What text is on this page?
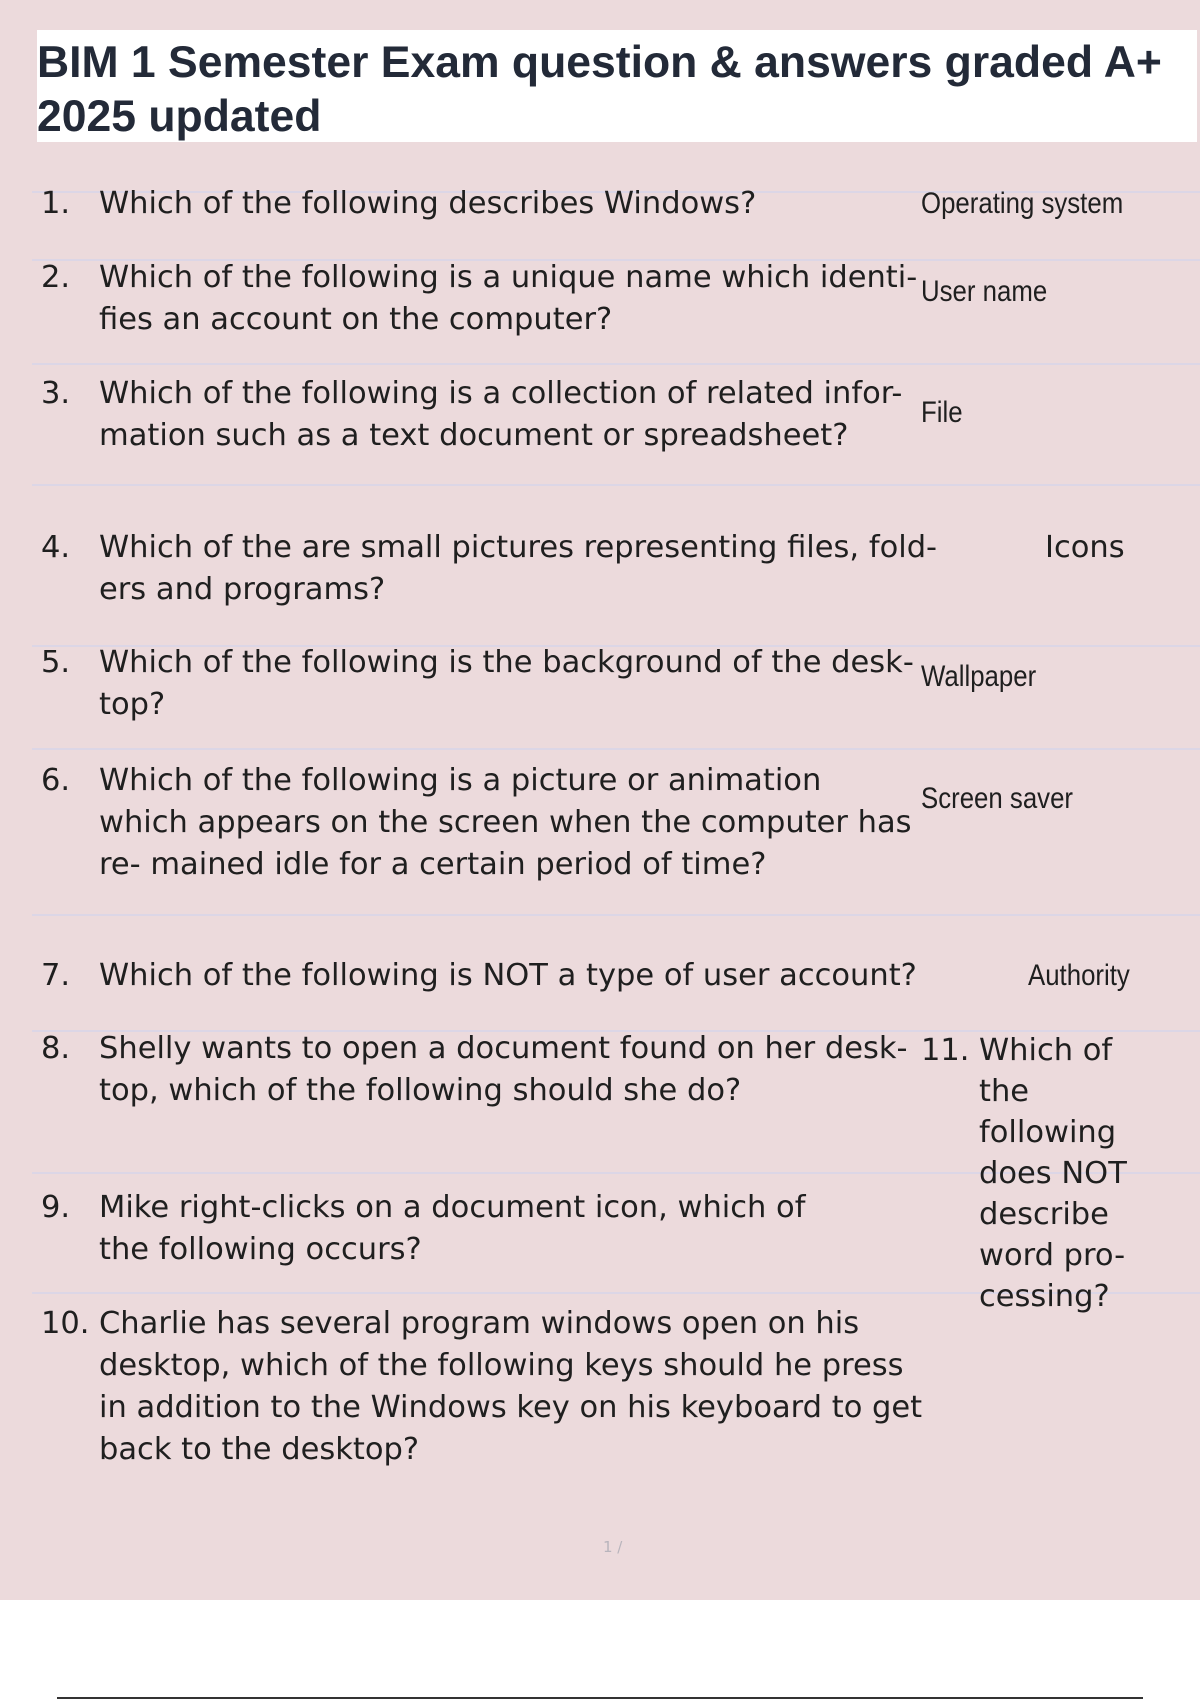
BIM 1 Semester Exam question & answers graded A+ 2025 updated
1. Which of the following describes Windows?	Operating system
2. Which of the following is a unique name which identi- fies an account on the computer?
User name
3. Which of the following is a collection of related infor- mation such as a text document or spreadsheet?
File
4. Which of the are small pictures representing files, fold- ers and programs?
Icons
5. Which of the following is the background of the desk- top?
Wallpaper
6. Which of the following is a picture or animation which appears on the screen when the computer has re- mained idle for a certain period of time?
Screen saver
7. Which of the following is NOT a type of user account?	Authority
8. Shelly wants to open a document found on her desk- top, which of the following should she do?
9. Mike right-clicks on a document icon, which of the following occurs?
10. Charlie has several program windows open on his desktop, which of the following keys should he press in addition to the Windows key on his keyboard to get back to the desktop?
11. Which of the following does NOT describe word pro- cessing?
1 /
